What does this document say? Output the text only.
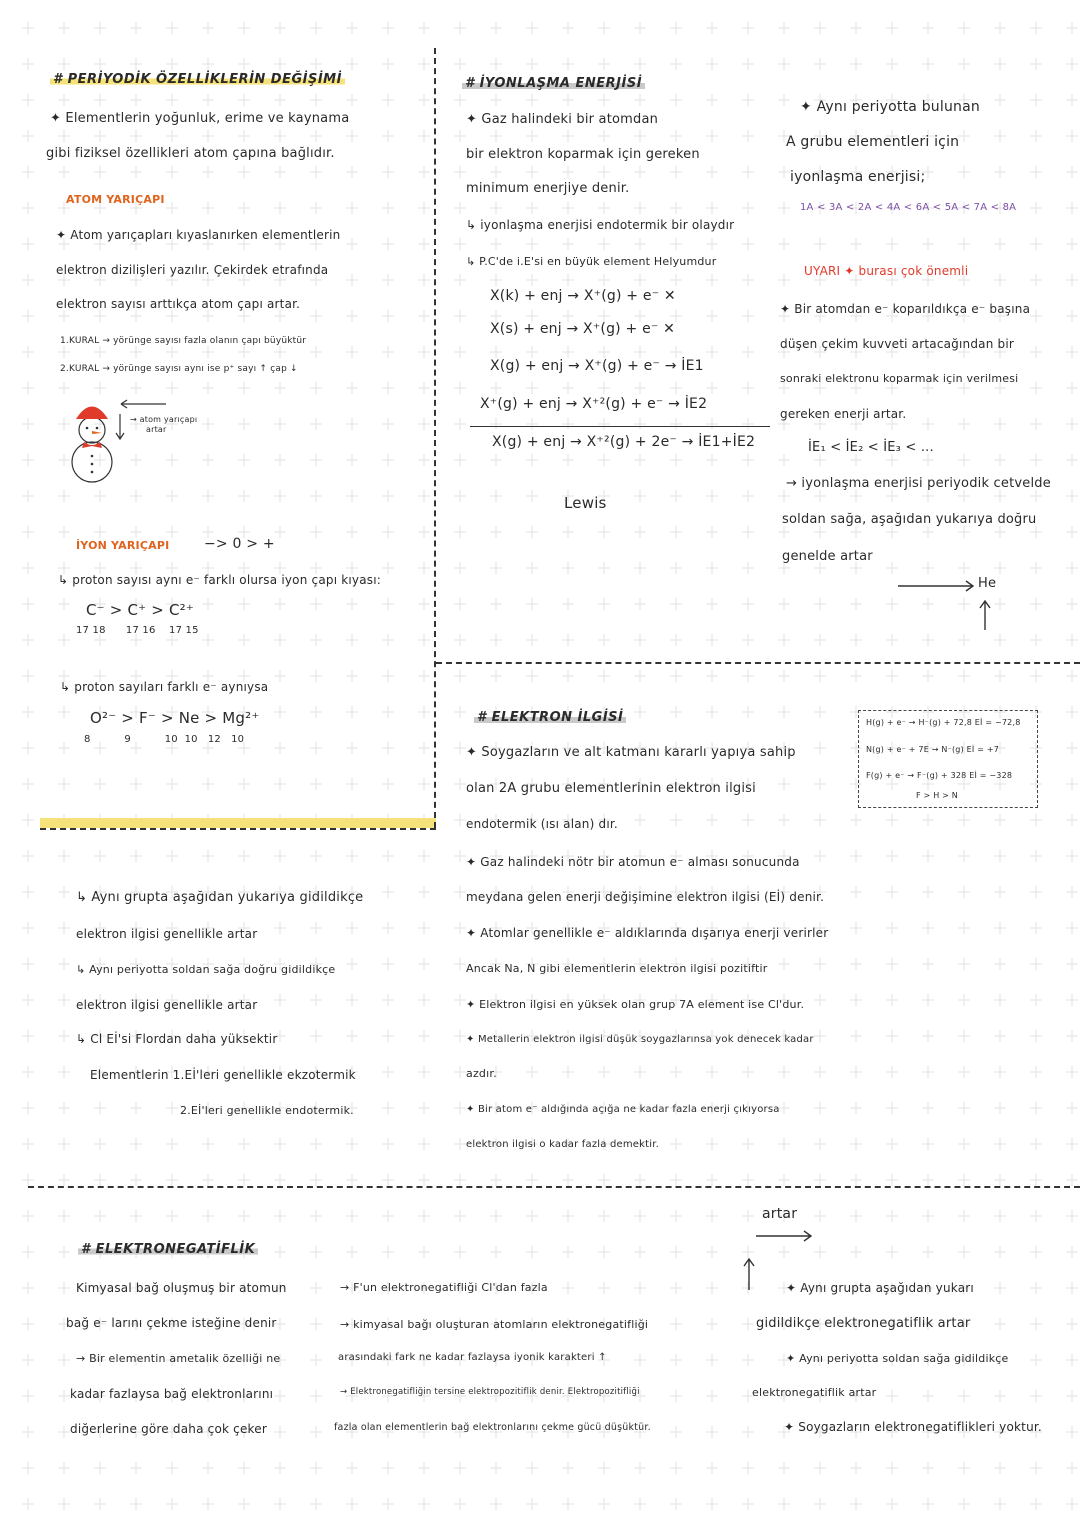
# PERİYODİK ÖZELLİKLERİN DEĞİŞİMİ
✦ Elementlerin yoğunluk, erime ve kaynama
gibi fiziksel özellikleri atom çapına bağlıdır.
ATOM YARIÇAPI
✦ Atom yarıçapları kıyaslanırken elementlerin
elektron dizilişleri yazılır. Çekirdek etrafında
elektron sayısı arttıkça atom çapı artar.
1.KURAL → yörünge sayısı fazla olanın çapı büyüktür
2.KURAL → yörünge sayısı aynı ise p⁺ sayı ↑ çap ↓
→ atom yarıçapı
artar
İYON YARIÇAPI −> 0 > +
↳ proton sayısı aynı e⁻ farklı olursa iyon çapı kıyası:
C⁻ > C⁺ > C²⁺
17 18      17 16    17 15
↳ proton sayıları farklı e⁻ aynıysa
O²⁻ > F⁻ > Ne > Mg²⁺
8          9          10  10   12   10
# İYONLAŞMA ENERJİSİ
✦ Gaz halindeki bir atomdan
bir elektron koparmak için gereken
minimum enerjiye denir.
↳ iyonlaşma enerjisi endotermik bir olaydır
↳ P.C'de i.E'si en büyük element Helyumdur
X(k) + enj → X⁺(g) + e⁻ ✕
X(s) + enj → X⁺(g) + e⁻ ✕
X(g) + enj → X⁺(g) + e⁻ → İE1
X⁺(g) + enj → X⁺²(g) + e⁻ → İE2
X(g) + enj → X⁺²(g) + 2e⁻ → İE1+İE2
Lewis
✦ Aynı periyotta bulunan
A grubu elementleri için
iyonlaşma enerjisi;
1A < 3A < 2A < 4A < 6A < 5A < 7A < 8A
UYARI ✦ burası çok önemli
✦ Bir atomdan e⁻ koparıldıkça e⁻ başına
düşen çekim kuvveti artacağından bir
sonraki elektronu koparmak için verilmesi
gereken enerji artar.
İE₁ < İE₂ < İE₃ < ...
→ iyonlaşma enerjisi periyodik cetvelde
soldan sağa, aşağıdan yukarıya doğru
genelde artar
He
# ELEKTRON İLGİSİ
✦ Soygazların ve alt katmanı kararlı yapıya sahip
olan 2A grubu elementlerinin elektron ilgisi
endotermik (ısı alan) dır.
✦ Gaz halindeki nötr bir atomun e⁻ alması sonucunda
meydana gelen enerji değişimine elektron ilgisi (Eİ) denir.
✦ Atomlar genellikle e⁻ aldıklarında dışarıya enerji verirler
Ancak Na, N gibi elementlerin elektron ilgisi pozitiftir
✦ Elektron ilgisi en yüksek olan grup 7A element ise Cl'dur.
✦ Metallerin elektron ilgisi düşük soygazlarınsa yok denecek kadar
azdır.
✦ Bir atom e⁻ aldığında açığa ne kadar fazla enerji çıkıyorsa
elektron ilgisi o kadar fazla demektir.
H(g) + e⁻ → H⁻(g) + 72,8 Eİ = −72,8
N(g) + e⁻ + 7E → N⁻(g) Eİ = +7
F(g) + e⁻ → F⁻(g) + 328 Eİ = −328
F > H > N
↳ Aynı grupta aşağıdan yukarıya gidildikçe
elektron ilgisi genellikle artar
↳ Aynı periyotta soldan sağa doğru gidildikçe
elektron ilgisi genellikle artar
↳ Cl Eİ'si Flordan daha yüksektir
Elementlerin 1.Eİ'leri genellikle ekzotermik
2.Eİ'leri genellikle endotermik.
# ELEKTRONEGATİFLİK
Kimyasal bağ oluşmuş bir atomun
bağ e⁻ larını çekme isteğine denir
→ Bir elementin ametalik özelliği ne
kadar fazlaysa bağ elektronlarını
diğerlerine göre daha çok çeker
→ F'un elektronegatifliği Cl'dan fazla
→ kimyasal bağı oluşturan atomların elektronegatifliği
arasındaki fark ne kadar fazlaysa iyonik karakteri ↑
→ Elektronegatifliğin tersine elektropozitiflik denir. Elektropozitifliği
fazla olan elementlerin bağ elektronlarını çekme gücü düşüktür.
artar
✦ Aynı grupta aşağıdan yukarı
gidildikçe elektronegatiflik artar
✦ Aynı periyotta soldan sağa gidildikçe
elektronegatiflik artar
✦ Soygazların elektronegatiflikleri yoktur.
